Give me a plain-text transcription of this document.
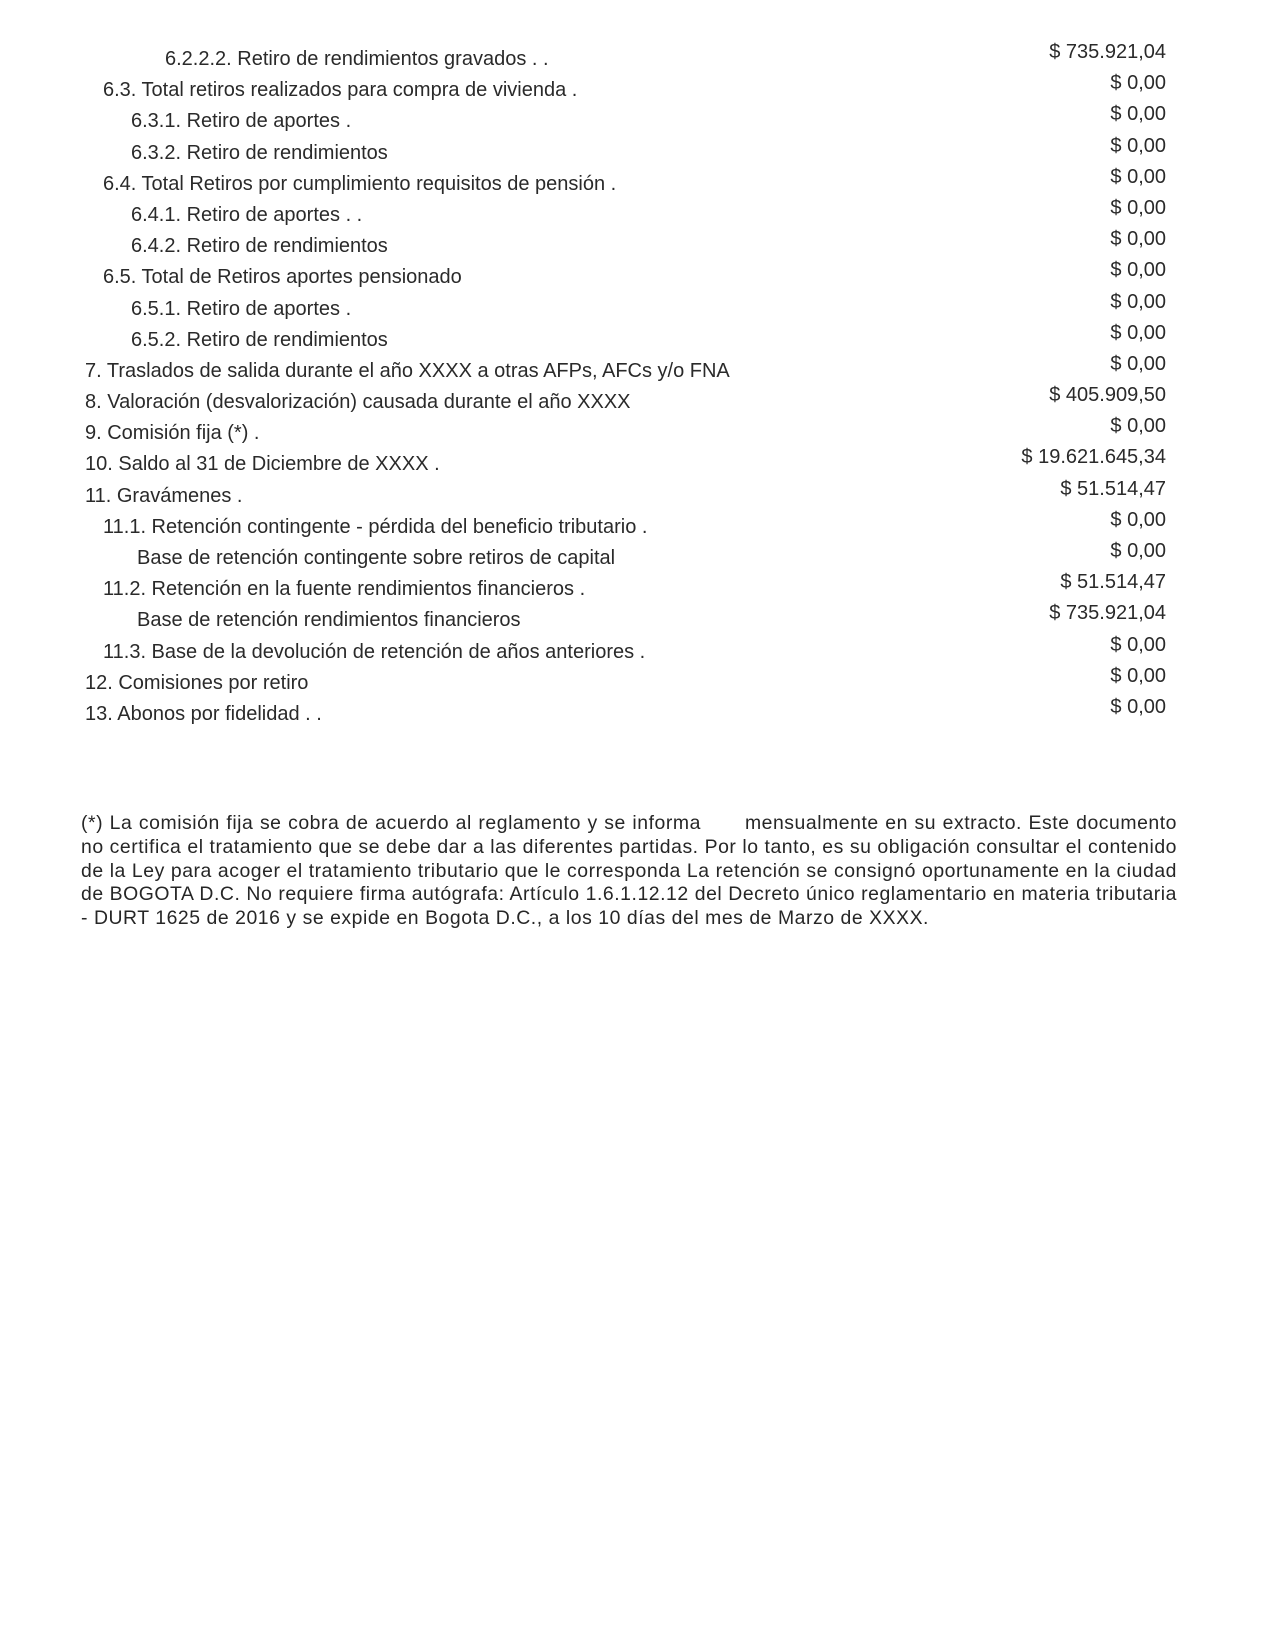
6.2.2.2. Retiro de rendimientos gravados . .	$ 735.921,04
6.3. Total retiros realizados para compra de vivienda .	$ 0,00
6.3.1. Retiro de aportes .	$ 0,00
6.3.2. Retiro de rendimientos	$ 0,00
6.4. Total Retiros por cumplimiento requisitos de pensión .	$ 0,00
6.4.1. Retiro de aportes . .	$ 0,00
6.4.2. Retiro de rendimientos	$ 0,00
6.5. Total de Retiros aportes pensionado	$ 0,00
6.5.1. Retiro de aportes .	$ 0,00
6.5.2. Retiro de rendimientos	$ 0,00
7. Traslados de salida durante el año XXXX a otras AFPs, AFCs y/o FNA	$ 0,00
8. Valoración (desvalorización) causada durante el año XXXX	$ 405.909,50
9. Comisión fija (*) .	$ 0,00
10. Saldo al 31 de Diciembre de XXXX .	$ 19.621.645,34
11. Gravámenes .	$ 51.514,47
11.1. Retención contingente - pérdida del beneficio tributario .	$ 0,00
Base de retención contingente sobre retiros de capital	$ 0,00
11.2. Retención en la fuente rendimientos financieros .	$ 51.514,47
Base de retención rendimientos financieros	$ 735.921,04
11.3. Base de la devolución de retención de años anteriores .	$ 0,00
12. Comisiones por retiro	$ 0,00
13. Abonos por fidelidad . .	$ 0,00

(*) La comisión fija se cobra de acuerdo al reglamento y se informa mensualmente en su extracto. Este documento no certifica el tratamiento que se debe dar a las diferentes partidas. Por lo tanto, es su obligación consultar el contenido de la Ley para acoger el tratamiento tributario que le corresponda La retención se consignó oportunamente en la ciudad de BOGOTA D.C. No requiere firma autógrafa: Artículo 1.6.1.12.12 del Decreto único reglamentario en materia tributaria - DURT 1625 de 2016 y se expide en Bogota D.C., a los 10 días del mes de Marzo de XXXX.
